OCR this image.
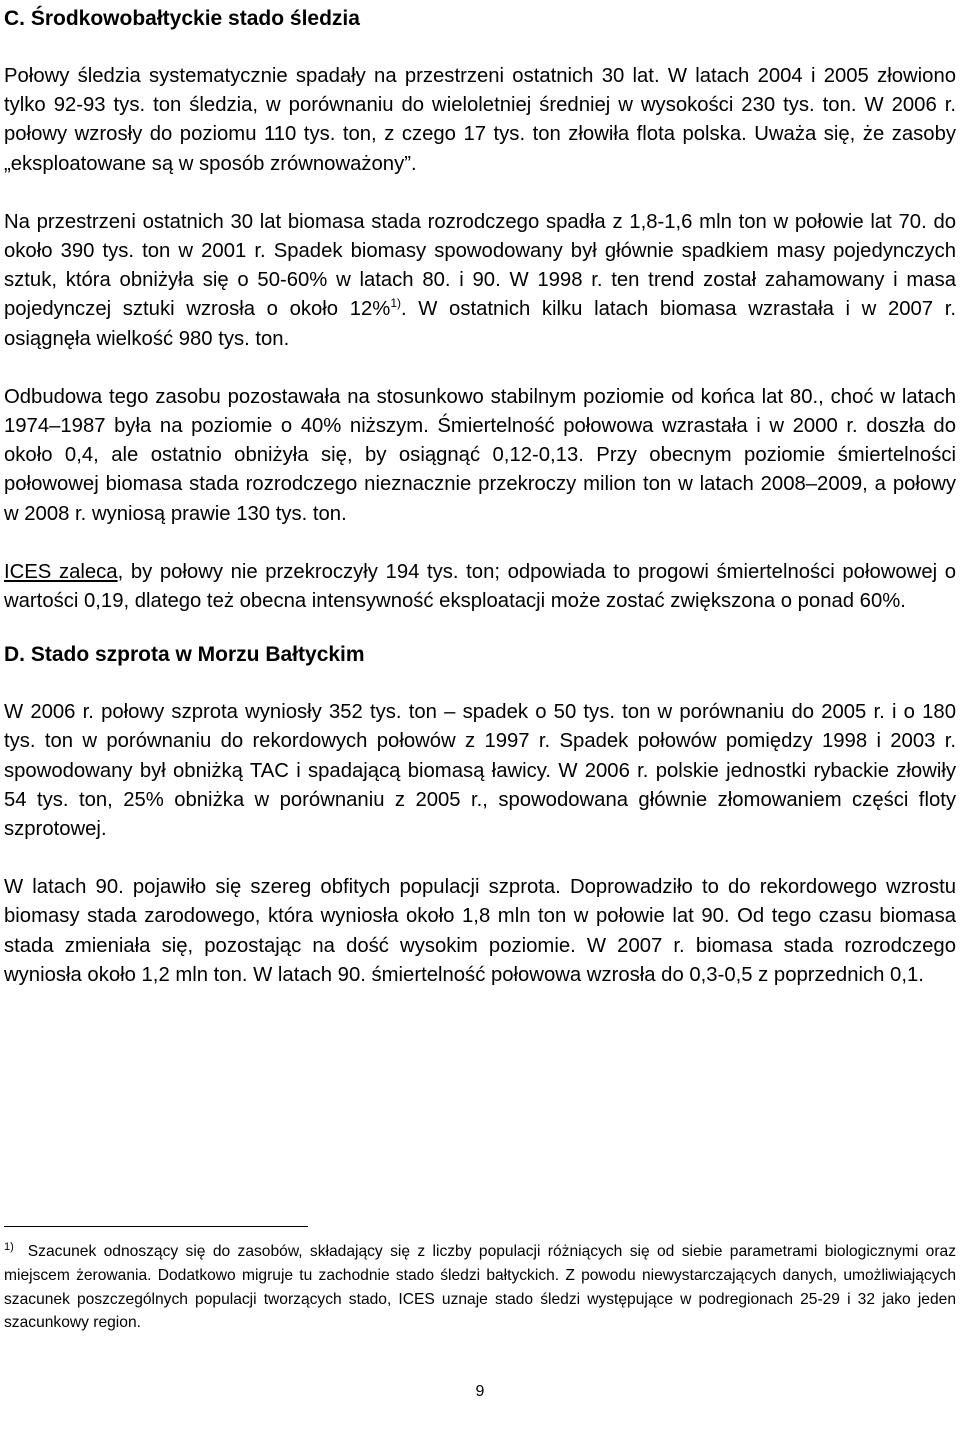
C. Środkowobałtyckie stado śledzia

Połowy śledzia systematycznie spadały na przestrzeni ostatnich 30 lat. W latach 2004 i 2005 złowiono tylko 92-93 tys. ton śledzia, w porównaniu do wieloletniej średniej w wysokości 230 tys. ton. W 2006 r. połowy wzrosły do poziomu 110 tys. ton, z czego 17 tys. ton złowiła flota polska. Uważa się, że zasoby „eksploatowane są w sposób zrównoważony”.

Na przestrzeni ostatnich 30 lat biomasa stada rozrodczego spadła z 1,8-1,6 mln ton w połowie lat 70. do około 390 tys. ton w 2001 r. Spadek biomasy spowodowany był głównie spadkiem masy pojedynczych sztuk, która obniżyła się o 50-60% w latach 80. i 90. W 1998 r. ten trend został zahamowany i masa pojedynczej sztuki wzrosła o około 12%$^{1)}$. W ostatnich kilku latach biomasa wzrastała i w 2007 r. osiągnęła wielkość 980 tys. ton.

Odbudowa tego zasobu pozostawała na stosunkowo stabilnym poziomie od końca lat 80., choć w latach 1974–1987 była na poziomie o 40% niższym. Śmiertelność połowowa wzrastała i w 2000 r. doszła do około 0,4, ale ostatnio obniżyła się, by osiągnąć 0,12-0,13. Przy obecnym poziomie śmiertelności połowowej biomasa stada rozrodczego nieznacznie przekroczy milion ton w latach 2008–2009, a połowy w 2008 r. wyniosą prawie 130 tys. ton.

ICES zaleca, by połowy nie przekroczyły 194 tys. ton; odpowiada to progowi śmiertelności połowowej o wartości 0,19, dlatego też obecna intensywność eksploatacji może zostać zwiększona o ponad 60%.

D. Stado szprota w Morzu Bałtyckim

W 2006 r. połowy szprota wyniosły 352 tys. ton – spadek o 50 tys. ton w porównaniu do 2005 r. i o 180 tys. ton w porównaniu do rekordowych połowów z 1997 r. Spadek połowów pomiędzy 1998 i 2003 r. spowodowany był obniżką TAC i spadającą biomasą ławicy. W 2006 r. polskie jednostki rybackie złowiły 54 tys. ton, 25% obniżka w porównaniu z 2005 r., spowodowana głównie złomowaniem części floty szprotowej.

W latach 90. pojawiło się szereg obfitych populacji szprota. Doprowadziło to do rekordowego wzrostu biomasy stada zarodowego, która wyniosła około 1,8 mln ton w połowie lat 90. Od tego czasu biomasa stada zmieniała się, pozostając na dość wysokim poziomie. W 2007 r. biomasa stada rozrodczego wyniosła około 1,2 mln ton. W latach 90. śmiertelność połowowa wzrosła do 0,3-0,5 z poprzednich 0,1.

$^{1)}$ Szacunek odnoszący się do zasobów, składający się z liczby populacji różniących się od siebie parametrami biologicznymi oraz miejscem żerowania. Dodatkowo migruje tu zachodnie stado śledzi bałtyckich. Z powodu niewystarczających danych, umożliwiających szacunek poszczególnych populacji tworzących stado, ICES uznaje stado śledzi występujące w podregionach 25-29 i 32 jako jeden szacunkowy region.

9
